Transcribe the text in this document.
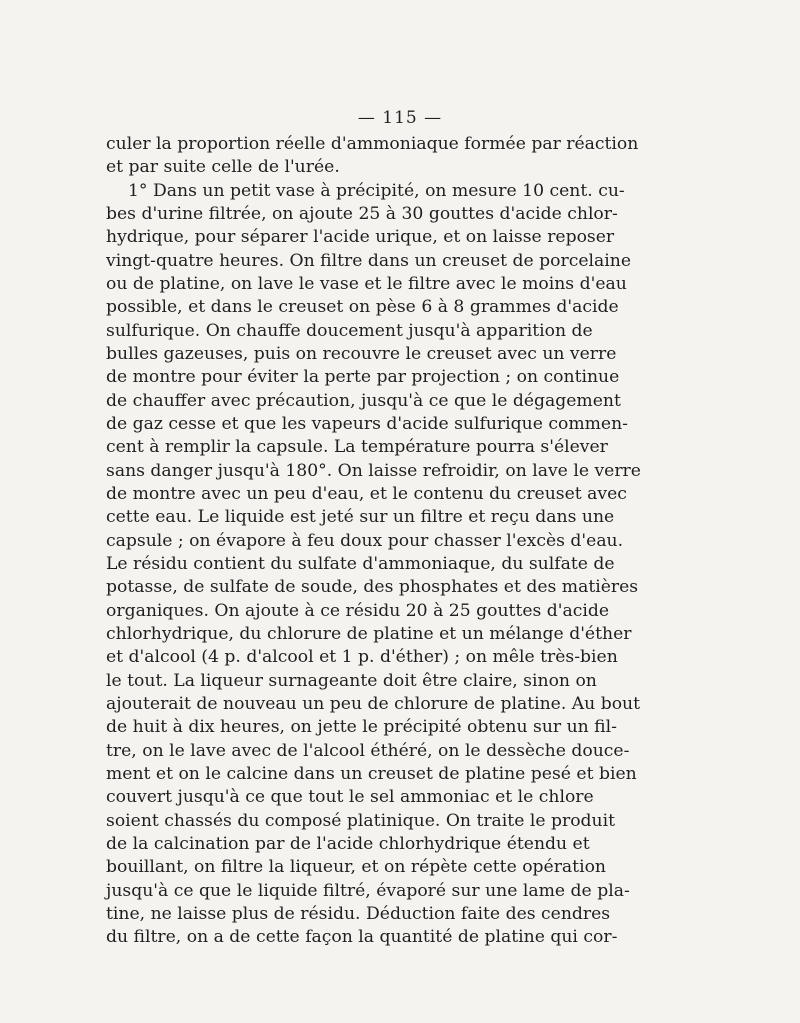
— 115 —
culer la proportion réelle d'ammoniaque formée par réaction
et par suite celle de l'urée.
1° Dans un petit vase à précipité, on mesure 10 cent. cu-
bes d'urine filtrée, on ajoute 25 à 30 gouttes d'acide chlor-
hydrique, pour séparer l'acide urique, et on laisse reposer
vingt-quatre heures. On filtre dans un creuset de porcelaine
ou de platine, on lave le vase et le filtre avec le moins d'eau
possible, et dans le creuset on pèse 6 à 8 grammes d'acide
sulfurique. On chauffe doucement jusqu'à apparition de
bulles gazeuses, puis on recouvre le creuset avec un verre
de montre pour éviter la perte par projection ; on continue
de chauffer avec précaution, jusqu'à ce que le dégagement
de gaz cesse et que les vapeurs d'acide sulfurique commen-
cent à remplir la capsule. La température pourra s'élever
sans danger jusqu'à 180°. On laisse refroidir, on lave le verre
de montre avec un peu d'eau, et le contenu du creuset avec
cette eau. Le liquide est jeté sur un filtre et reçu dans une
capsule ; on évapore à feu doux pour chasser l'excès d'eau.
Le résidu contient du sulfate d'ammoniaque, du sulfate de
potasse, de sulfate de soude, des phosphates et des matières
organiques. On ajoute à ce résidu 20 à 25 gouttes d'acide
chlorhydrique, du chlorure de platine et un mélange d'éther
et d'alcool (4 p. d'alcool et 1 p. d'éther) ; on mêle très-bien
le tout. La liqueur surnageante doit être claire, sinon on
ajouterait de nouveau un peu de chlorure de platine. Au bout
de huit à dix heures, on jette le précipité obtenu sur un fil-
tre, on le lave avec de l'alcool éthéré, on le dessèche douce-
ment et on le calcine dans un creuset de platine pesé et bien
couvert jusqu'à ce que tout le sel ammoniac et le chlore
soient chassés du composé platinique. On traite le produit
de la calcination par de l'acide chlorhydrique étendu et
bouillant, on filtre la liqueur, et on répète cette opération
jusqu'à ce que le liquide filtré, évaporé sur une lame de pla-
tine, ne laisse plus de résidu. Déduction faite des cendres
du filtre, on a de cette façon la quantité de platine qui cor-
